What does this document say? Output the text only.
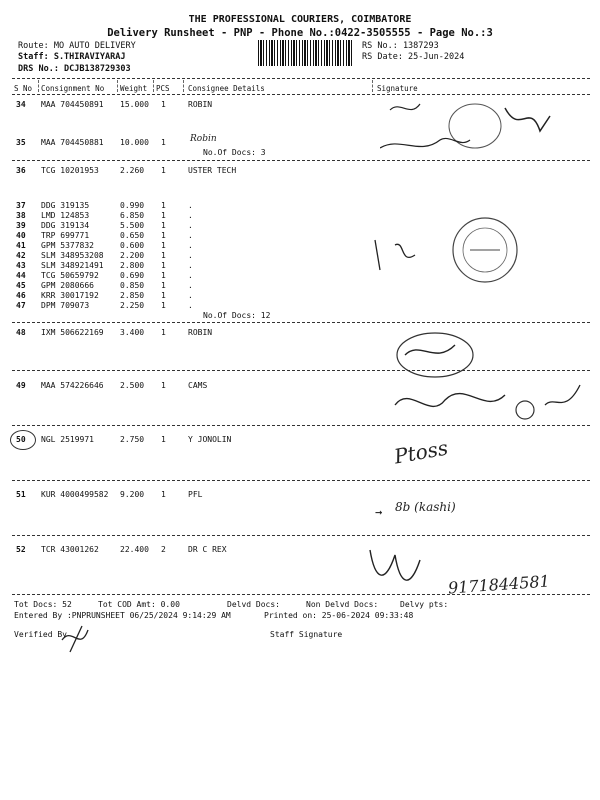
THE PROFESSIONAL COURIERS, COIMBATORE
Delivery Runsheet - PNP - Phone No.:0422-3505555 - Page No.:3
Route: MO AUTO DELIVERY
Staff: S.THIRAVIYARAJ
DRS No.: DCJB138729303
RS No.: 1387293
RS Date: 25-Jun-2024
S No Consignment No Weight PCS Consignee Details	Signature
34 MAA 704450891 15.000 1	ROBIN
35 MAA 704450881 10.000 1	Robin
No.Of Docs: 3
36 TCG 10201953	2.260 1	USTER TECH
37 DDG 319135	0.990 1	.
38 LMD 124853	6.850 1	.
39 DDG 319134	5.500 1	.
40 TRP 699771	0.650 1	.
41 GPM 5377832	0.600 1	.
42 SLM 348953208 2.200 1	.
43 SLM 348921491 2.800 1	.
44 TCG 50659792	0.690 1	.
45 GPM 2080666	0.850 1	.
46 KRR 30017192	2.850 1	.
47 DPM 709073	2.250 1	.
No.Of Docs: 12
48 IXM 506622169 3.400 1	ROBIN
49 MAA 574226646 2.500 1	CAMS
50 NGL 2519971	2.750 1	Y JONOLIN
51 KUR 4000499582 9.200 1	PFL
52 TCR 43001262	22.400 2	DR C REX
Ptoss
→ 8b (kashi)
9171844581
Tot Docs: 52	Tot COD Amt: 0.00	Delvd Docs:	Non Delvd Docs:	Delvy pts:
Entered By :PNPRUNSHEET 06/25/2024 9:14:29 AM	Printed on: 25-06-2024 09:33:48
Verified By	Staff Signature
